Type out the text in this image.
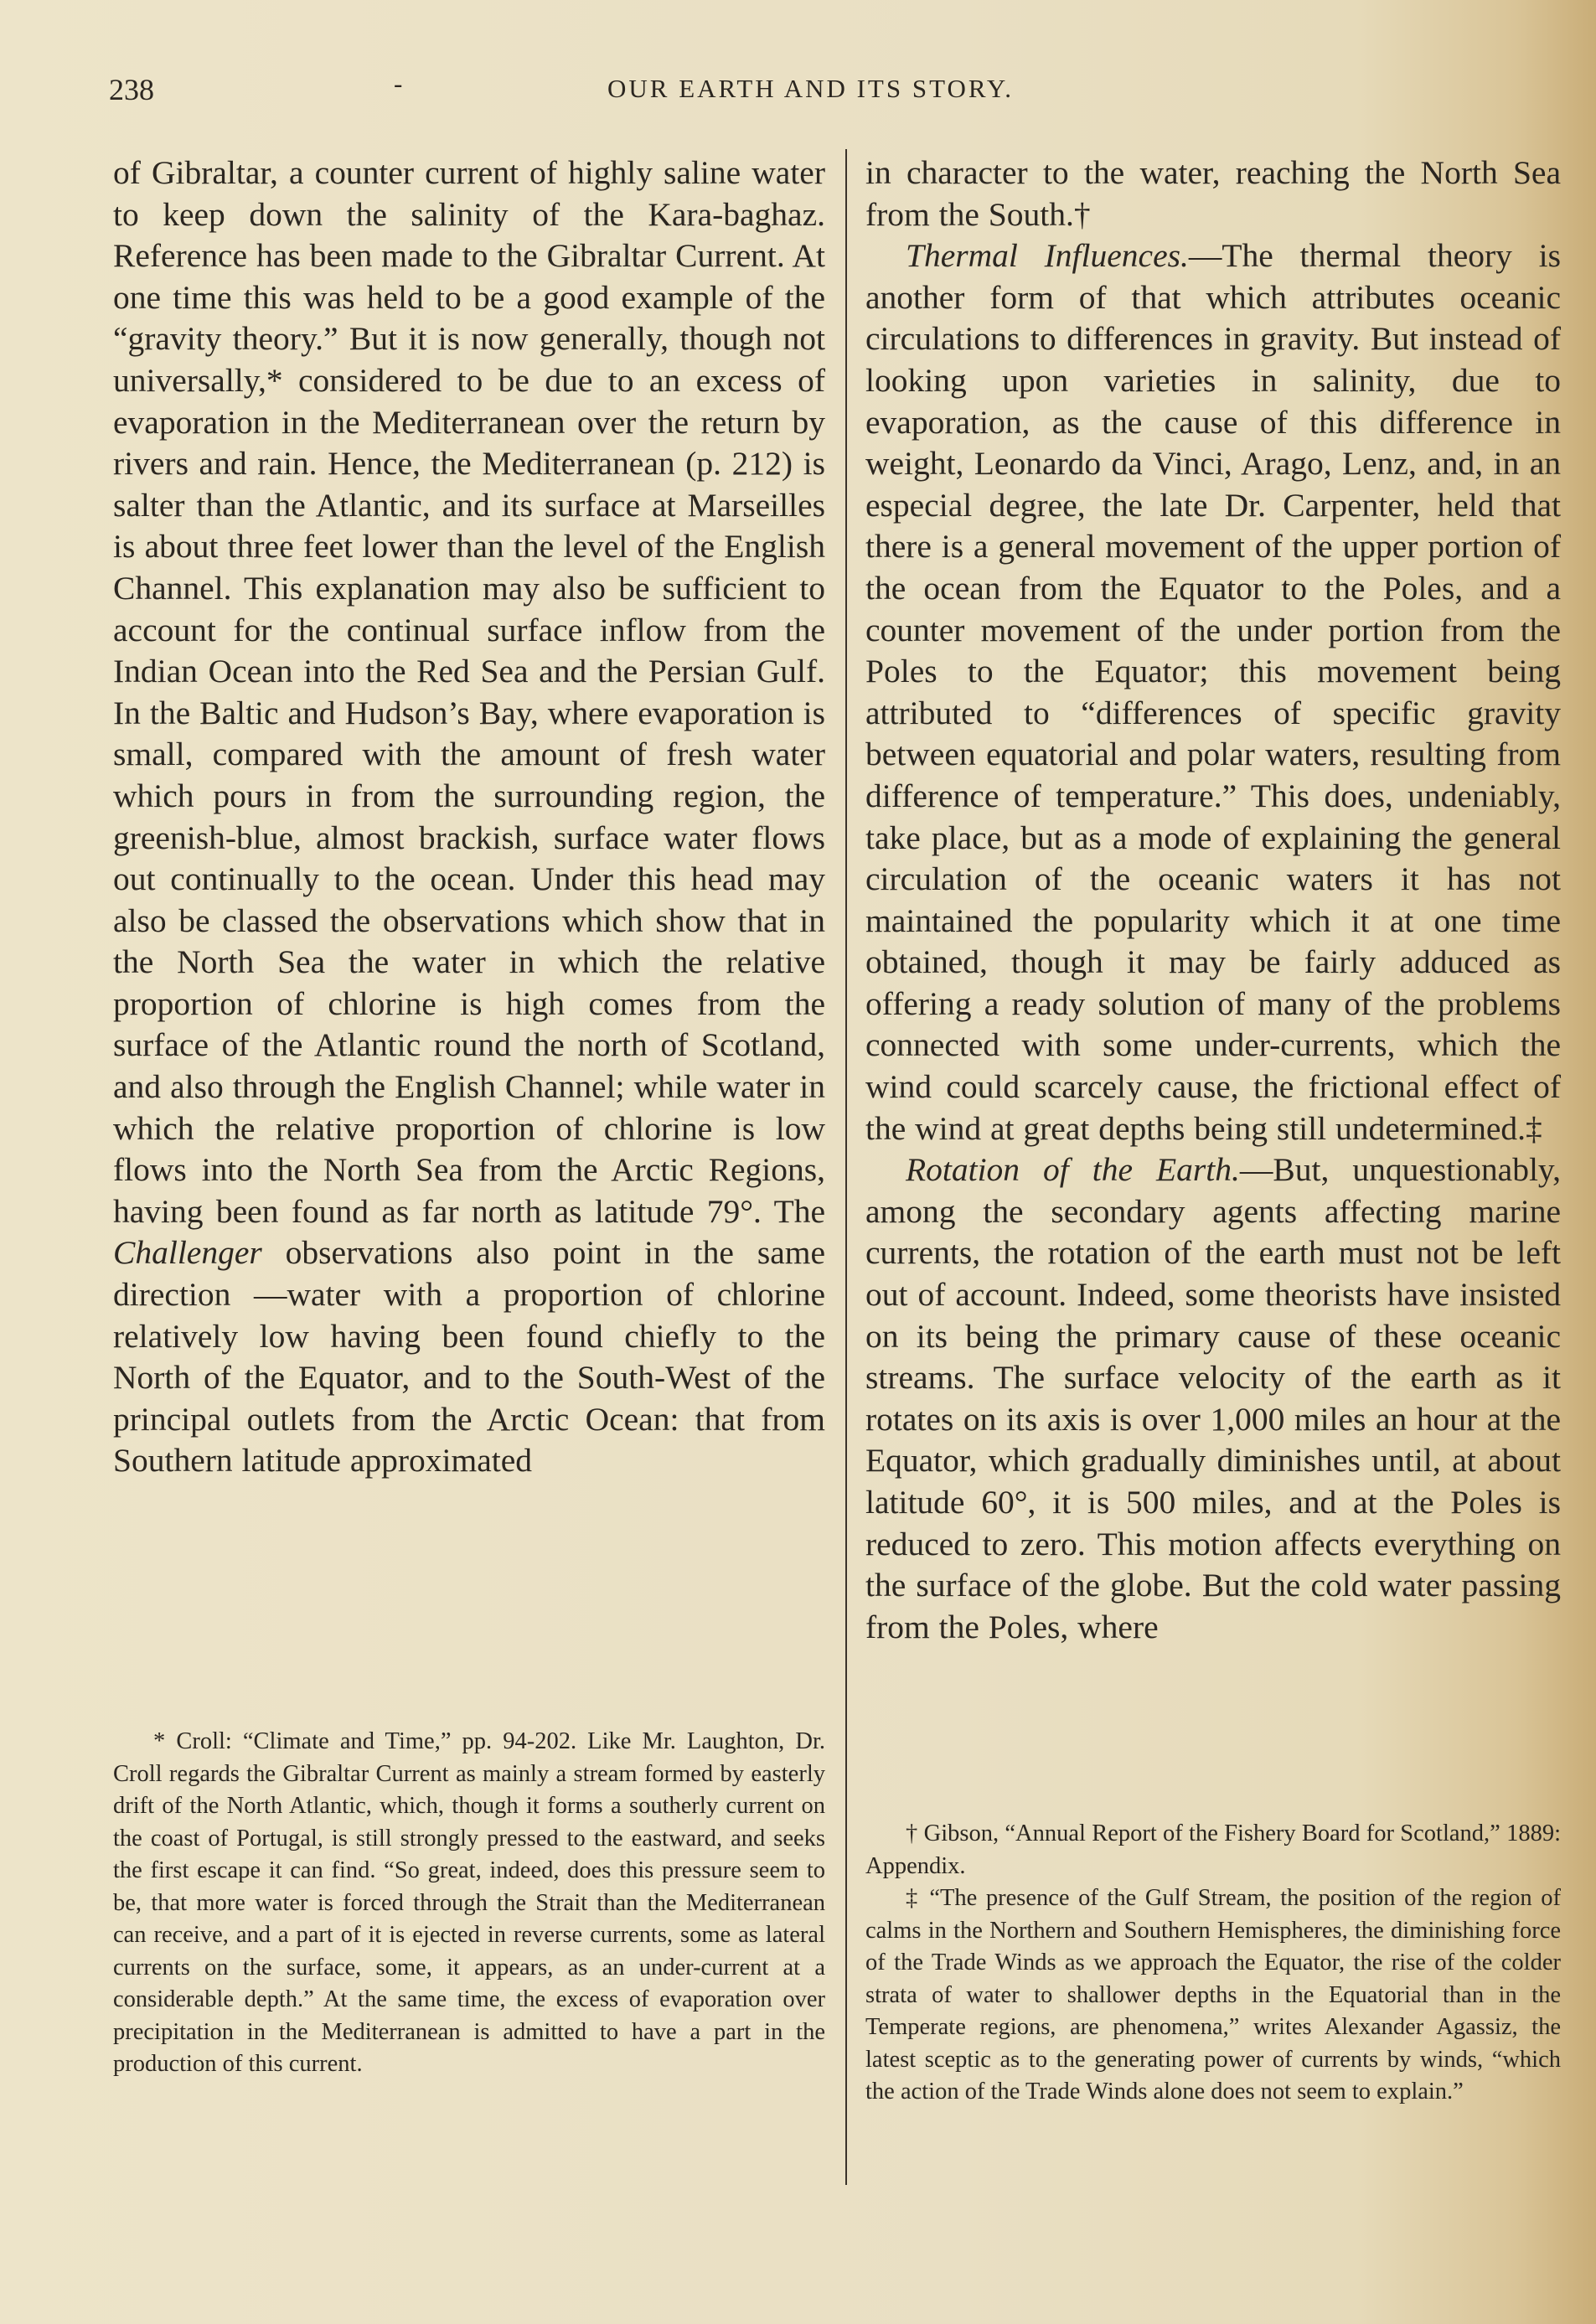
238	-	OUR EARTH AND ITS STORY.

of Gibraltar, a counter current of highly saline water to keep down the salinity of the Kara-baghaz. Reference has been made to the Gibraltar Current. At one time this was held to be a good example of the “gravity theory.” But it is now generally, though not universally,* considered to be due to an excess of evaporation in the Mediterranean over the return by rivers and rain. Hence, the Mediterranean (p. 212) is salter than the Atlantic, and its surface at Marseilles is about three feet lower than the level of the English Channel. This explanation may also be sufficient to account for the continual surface inflow from the Indian Ocean into the Red Sea and the Persian Gulf. In the Baltic and Hudson’s Bay, where evaporation is small, compared with the amount of fresh water which pours in from the surrounding region, the greenish-blue, almost brackish, surface water flows out continually to the ocean. Under this head may also be classed the observations which show that in the North Sea the water in which the relative proportion of chlorine is high comes from the surface of the Atlantic round the north of Scotland, and also through the English Channel; while water in which the relative proportion of chlorine is low flows into the North Sea from the Arctic Regions, having been found as far north as latitude 79°. The Challenger observations also point in the same direction —water with a proportion of chlorine relatively low having been found chiefly to the North of the Equator, and to the South-West of the principal outlets from the Arctic Ocean: that from Southern latitude approximated

in character to the water, reaching the North Sea from the South.†

Thermal Influences.—The thermal theory is another form of that which attributes oceanic circulations to differences in gravity. But instead of looking upon varieties in salinity, due to evaporation, as the cause of this difference in weight, Leonardo da Vinci, Arago, Lenz, and, in an especial degree, the late Dr. Carpenter, held that there is a general movement of the upper portion of the ocean from the Equator to the Poles, and a counter movement of the under portion from the Poles to the Equator; this movement being attributed to “differences of specific gravity between equatorial and polar waters, resulting from difference of temperature.” This does, undeniably, take place, but as a mode of explaining the general circulation of the oceanic waters it has not maintained the popularity which it at one time obtained, though it may be fairly adduced as offering a ready solution of many of the problems connected with some under-currents, which the wind could scarcely cause, the frictional effect of the wind at great depths being still undetermined.‡

Rotation of the Earth.—But, unquestionably, among the secondary agents affecting marine currents, the rotation of the earth must not be left out of account. Indeed, some theorists have insisted on its being the primary cause of these oceanic streams. The surface velocity of the earth as it rotates on its axis is over 1,000 miles an hour at the Equator, which gradually diminishes until, at about latitude 60°, it is 500 miles, and at the Poles is reduced to zero. This motion affects everything on the surface of the globe. But the cold water passing from the Poles, where

* Croll: “Climate and Time,” pp. 94-202. Like Mr. Laughton, Dr. Croll regards the Gibraltar Current as mainly a stream formed by easterly drift of the North Atlantic, which, though it forms a southerly current on the coast of Portugal, is still strongly pressed to the eastward, and seeks the first escape it can find. “So great, indeed, does this pressure seem to be, that more water is forced through the Strait than the Mediterranean can receive, and a part of it is ejected in reverse currents, some as lateral currents on the surface, some, it appears, as an under-current at a considerable depth.” At the same time, the excess of evaporation over precipitation in the Mediterranean is admitted to have a part in the production of this current.

† Gibson, “Annual Report of the Fishery Board for Scotland,” 1889: Appendix.

‡ “The presence of the Gulf Stream, the position of the region of calms in the Northern and Southern Hemispheres, the diminishing force of the Trade Winds as we approach the Equator, the rise of the colder strata of water to shallower depths in the Equatorial than in the Temperate regions, are phenomena,” writes Alexander Agassiz, the latest sceptic as to the generating power of currents by winds, “which the action of the Trade Winds alone does not seem to explain.”
